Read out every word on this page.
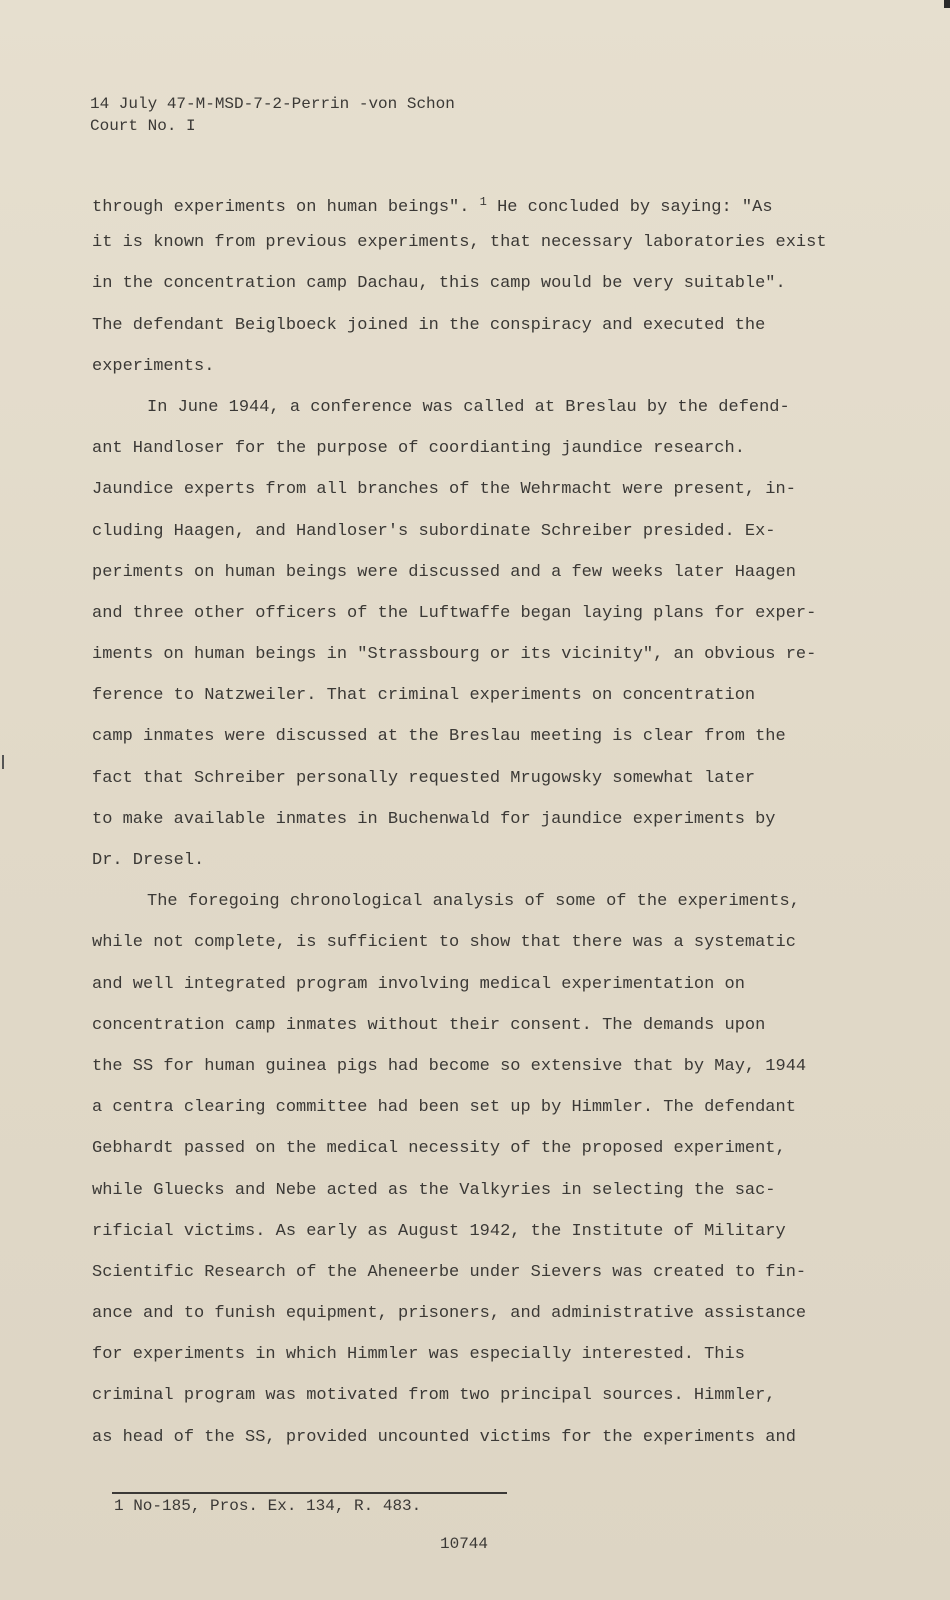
14 July 47-M-MSD-7-2-Perrin -von Schon
Court No. I
through experiments on human beings". $^1$ He concluded by saying: "As
it is known from previous experiments, that necessary laboratories exist
in the concentration camp Dachau, this camp would be very suitable".
The defendant Beiglboeck joined in the conspiracy and executed the
experiments.
In June 1944, a conference was called at Breslau by the defend-
ant Handloser for the purpose of coordianting jaundice research.
Jaundice experts from all branches of the Wehrmacht were present, in-
cluding Haagen, and Handloser's subordinate Schreiber presided. Ex-
periments on human beings were discussed and a few weeks later Haagen
and three other officers of the Luftwaffe began laying plans for exper-
iments on human beings in "Strassbourg or its vicinity", an obvious re-
ference to Natzweiler. That criminal experiments on concentration
camp inmates were discussed at the Breslau meeting is clear from the
fact that Schreiber personally requested Mrugowsky somewhat later
to make available inmates in Buchenwald for jaundice experiments by
Dr. Dresel.
The foregoing chronological analysis of some of the experiments,
while not complete, is sufficient to show that there was a systematic
and well integrated program involving medical experimentation on
concentration camp inmates without their consent. The demands upon
the SS for human guinea pigs had become so extensive that by May, 1944
a centra clearing committee had been set up by Himmler. The defendant
Gebhardt passed on the medical necessity of the proposed experiment,
while Gluecks and Nebe acted as the Valkyries in selecting the sac-
rificial victims. As early as August 1942, the Institute of Military
Scientific Research of the Aheneerbe under Sievers was created to fin-
ance and to funish equipment, prisoners, and administrative assistance
for experiments in which Himmler was especially interested. This
criminal program was motivated from two principal sources. Himmler,
as head of the SS, provided uncounted victims for the experiments and
1 No-185, Pros. Ex. 134, R. 483.
10744
